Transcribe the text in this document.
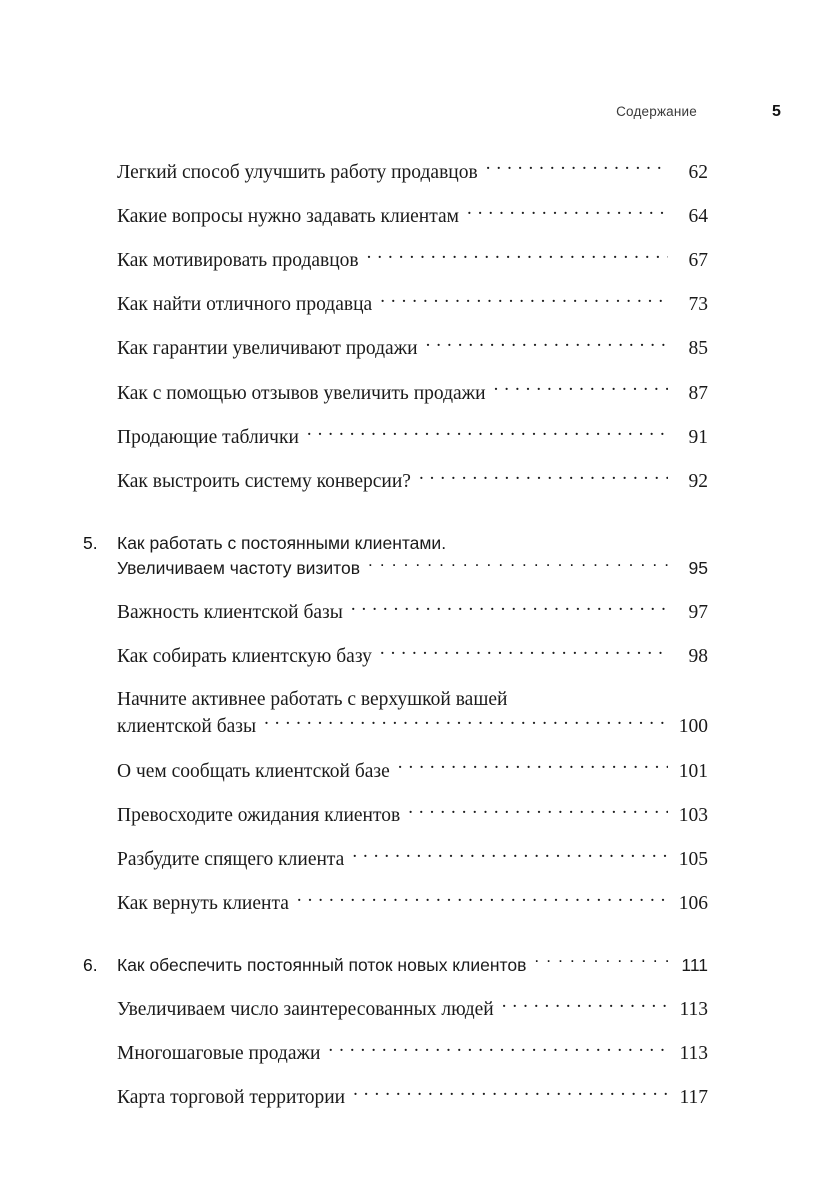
Содержание	5
Легкий способ улучшить работу продавцов . . .	62
Какие вопросы нужно задавать клиентам . . .	64
Как мотивировать продавцов . . .	67
Как найти отличного продавца . . .	73
Как гарантии увеличивают продажи . . .	85
Как с помощью отзывов увеличить продажи . . .	87
Продающие таблички . . .	91
Как выстроить систему конверсии? . . .	92
5.	Как работать с постоянными клиентами.
Увеличиваем частоту визитов . . .	95
Важность клиентской базы . . .	97
Как собирать клиентскую базу . . .	98
Начните активнее работать с верхушкой вашей
клиентской базы . . .	100
О чем сообщать клиентской базе . . .	101
Превосходите ожидания клиентов . . .	103
Разбудите спящего клиента . . .	105
Как вернуть клиента . . .	106
6.	Как обеспечить постоянный поток новых клиентов . . .	111
Увеличиваем число заинтересованных людей . . .	113
Многошаговые продажи . . .	113
Карта торговой территории . . .	117
